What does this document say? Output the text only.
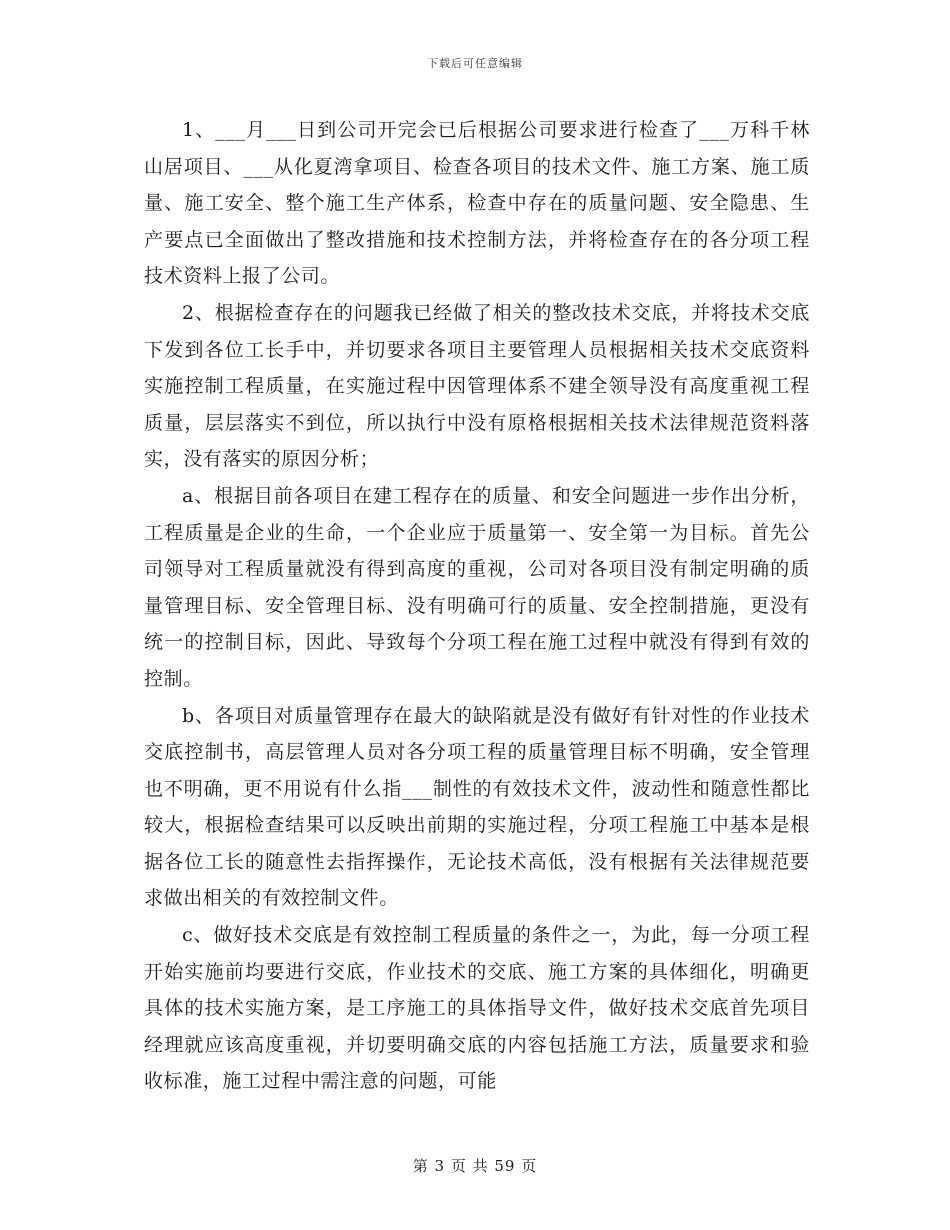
下载后可任意编辑

1、___月___日到公司开完会已后根据公司要求进行检查了___万科千林山居项目、___从化夏湾拿项目、检查各项目的技术文件、施工方案、施工质量、施工安全、整个施工生产体系，检查中存在的质量问题、安全隐患、生产要点已全面做出了整改措施和技术控制方法，并将检查存在的各分项工程技术资料上报了公司。

2、根据检查存在的问题我已经做了相关的整改技术交底，并将技术交底下发到各位工长手中，并切要求各项目主要管理人员根据相关技术交底资料实施控制工程质量，在实施过程中因管理体系不建全领导没有高度重视工程质量，层层落实不到位，所以执行中没有原格根据相关技术法律规范资料落实，没有落实的原因分析；

a、根据目前各项目在建工程存在的质量、和安全问题进一步作出分析，工程质量是企业的生命，一个企业应于质量第一、安全第一为目标。首先公司领导对工程质量就没有得到高度的重视，公司对各项目没有制定明确的质量管理目标、安全管理目标、没有明确可行的质量、安全控制措施，更没有统一的控制目标，因此、导致每个分项工程在施工过程中就没有得到有效的控制。

b、各项目对质量管理存在最大的缺陷就是没有做好有针对性的作业技术交底控制书，高层管理人员对各分项工程的质量管理目标不明确，安全管理也不明确，更不用说有什么指___制性的有效技术文件，波动性和随意性都比较大，根据检查结果可以反映出前期的实施过程，分项工程施工中基本是根据各位工长的随意性去指挥操作，无论技术高低，没有根据有关法律规范要求做出相关的有效控制文件。

c、做好技术交底是有效控制工程质量的条件之一，为此，每一分项工程开始实施前均要进行交底，作业技术的交底、施工方案的具体细化，明确更具体的技术实施方案，是工序施工的具体指导文件，做好技术交底首先项目经理就应该高度重视，并切要明确交底的内容包括施工方法，质量要求和验收标准，施工过程中需注意的问题，可能

第 3 页 共 59 页
